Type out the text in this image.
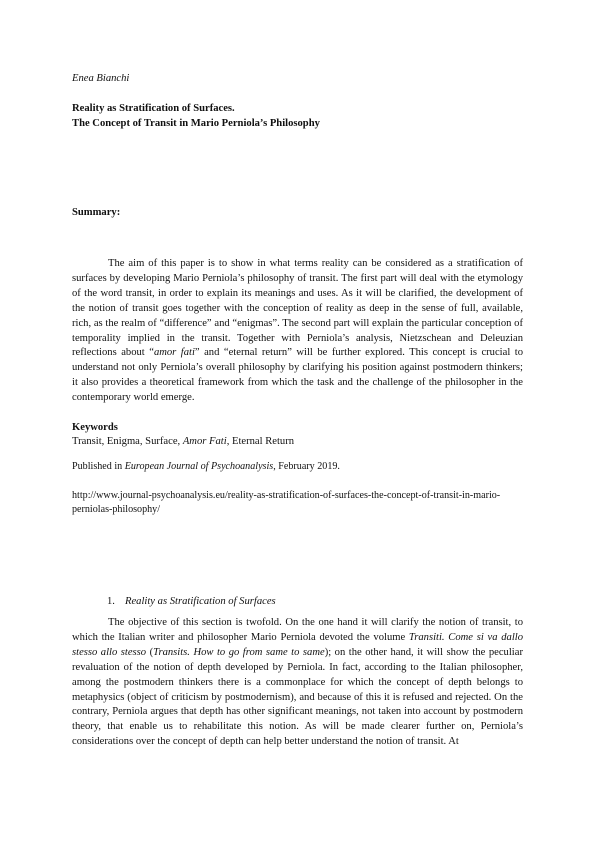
Enea Bianchi
Reality as Stratification of Surfaces.
The Concept of Transit in Mario Perniola’s Philosophy
Summary:
The aim of this paper is to show in what terms reality can be considered as a stratification of surfaces by developing Mario Perniola’s philosophy of transit. The first part will deal with the etymology of the word transit, in order to explain its meanings and uses. As it will be clarified, the development of the notion of transit goes together with the conception of reality as deep in the sense of full, available, rich, as the realm of “difference” and “enigmas”. The second part will explain the particular conception of temporality implied in the transit. Together with Perniola’s analysis, Nietzschean and Deleuzian reflections about “amor fati” and “eternal return” will be further explored. This concept is crucial to understand not only Perniola’s overall philosophy by clarifying his position against postmodern thinkers; it also provides a theoretical framework from which the task and the challenge of the philosopher in the contemporary world emerge.
Keywords
Transit, Enigma, Surface, Amor Fati, Eternal Return
Published in European Journal of Psychoanalysis, February 2019.
http://www.journal-psychoanalysis.eu/reality-as-stratification-of-surfaces-the-concept-of-transit-in-mario-perniolas-philosophy/
1. Reality as Stratification of Surfaces
The objective of this section is twofold. On the one hand it will clarify the notion of transit, to which the Italian writer and philosopher Mario Perniola devoted the volume Transiti. Come si va dallo stesso allo stesso (Transits. How to go from same to same); on the other hand, it will show the peculiar revaluation of the notion of depth developed by Perniola. In fact, according to the Italian philosopher, among the postmodern thinkers there is a commonplace for which the concept of depth belongs to metaphysics (object of criticism by postmodernism), and because of this it is refused and rejected. On the contrary, Perniola argues that depth has other significant meanings, not taken into account by postmodern theory, that enable us to rehabilitate this notion. As will be made clearer further on, Perniola’s considerations over the concept of depth can help better understand the notion of transit. At
